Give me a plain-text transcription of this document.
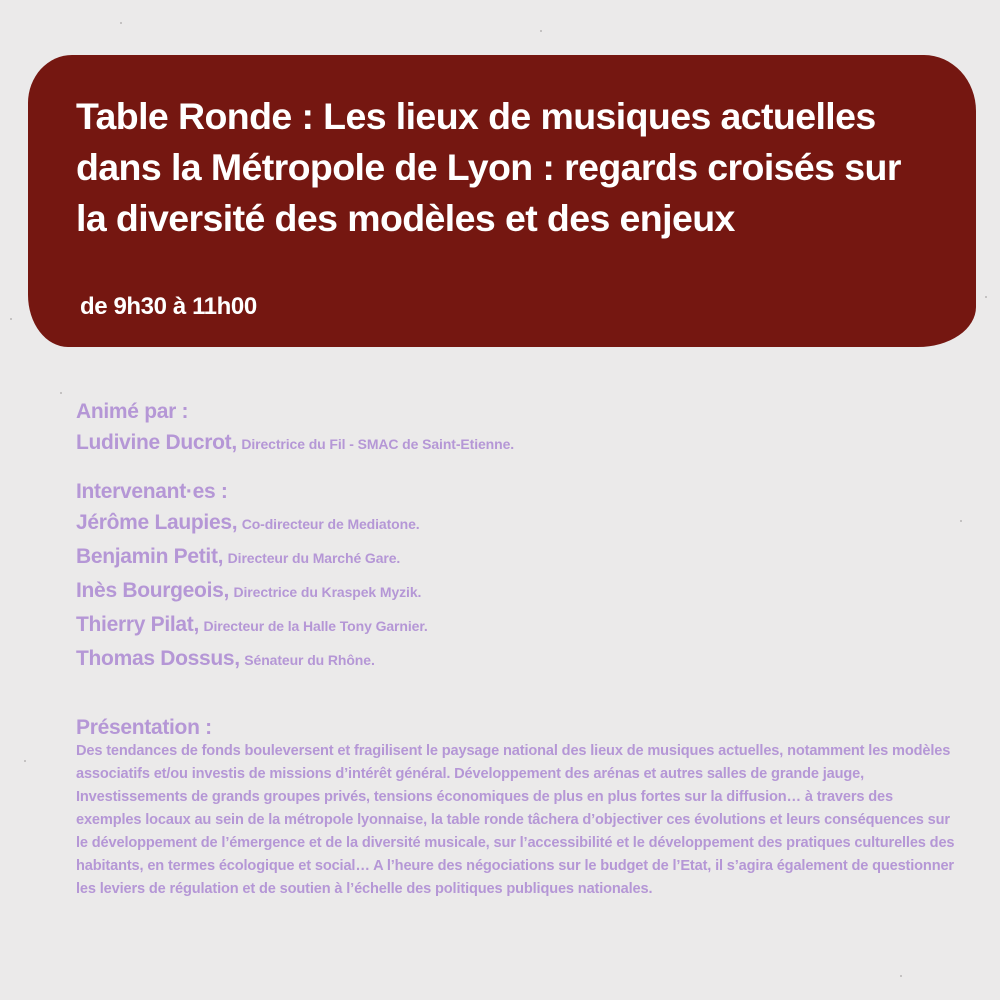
Table Ronde : Les lieux de musiques actuelles dans la Métropole de Lyon : regards croisés sur la diversité des modèles et des enjeux

de 9h30 à 11h00

Animé par :

Ludivine Ducrot, Directrice du Fil - SMAC de Saint-Etienne.

Intervenant·es :

Jérôme Laupies, Co-directeur de Mediatone.

Benjamin Petit, Directeur du Marché Gare.

Inès Bourgeois, Directrice du Kraspek Myzik.

Thierry Pilat, Directeur de la Halle Tony Garnier.

Thomas Dossus, Sénateur du Rhône.

Présentation :

Des tendances de fonds bouleversent et fragilisent le paysage national des lieux de musiques actuelles, notamment les modèles associatifs et/ou investis de missions d’intérêt général. Développement des arénas et autres salles de grande jauge, Investissements de grands groupes privés, tensions économiques de plus en plus fortes sur la diffusion… à travers des exemples locaux au sein de la métropole lyonnaise, la table ronde tâchera d’objectiver ces évolutions et leurs conséquences sur le développement de l’émergence et de la diversité musicale, sur l’accessibilité et le développement des pratiques culturelles des habitants, en termes écologique et social… A l’heure des négociations sur le budget de l’Etat, il s’agira également de questionner les leviers de régulation et de soutien à l’échelle des politiques publiques nationales.
